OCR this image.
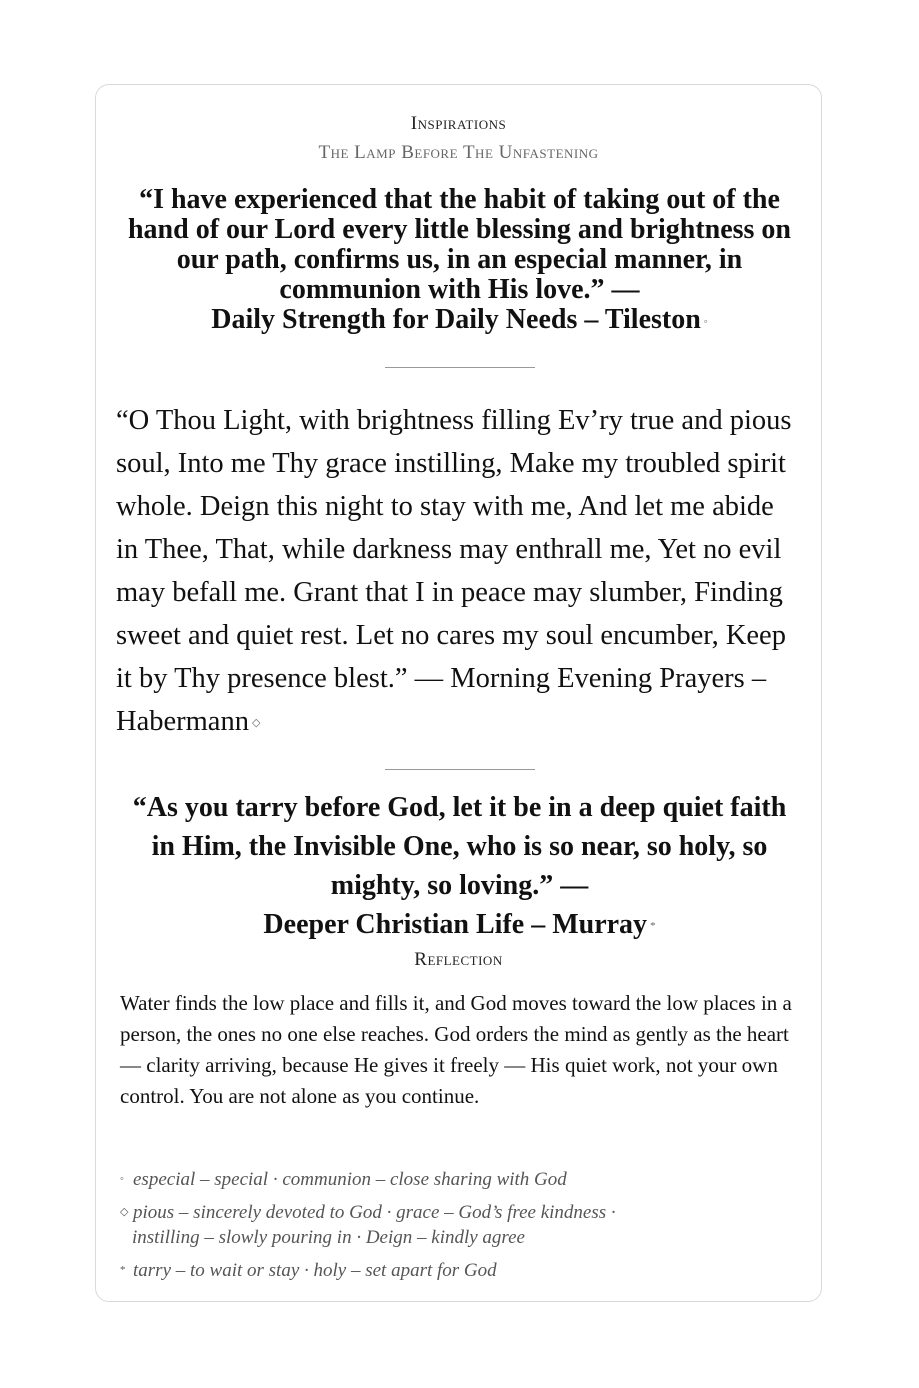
Inspirations

The Lamp Before The Unfastening

“I have experienced that the habit of taking out of the hand of our Lord every little blessing and brightness on our path, confirms us, in an especial manner, in communion with His love.” —
Daily Strength for Daily Needs – Tileston ◦

“O Thou Light, with brightness filling Ev’ry true and pious soul, Into me Thy grace instilling, Make my troubled spirit whole. Deign this night to stay with me, And let me abide in Thee, That, while darkness may enthrall me, Yet no evil may befall me. Grant that I in peace may slumber, Finding sweet and quiet rest. Let no cares my soul encumber, Keep it by Thy presence blest.” — Morning Evening Prayers – Habermann ◇

“As you tarry before God, let it be in a deep quiet faith in Him, the Invisible One, who is so near, so holy, so mighty, so loving.” —
Deeper Christian Life – Murray *

Reflection

Water finds the low place and fills it, and God moves toward the low places in a person, the ones no one else reaches. God orders the mind as gently as the heart — clarity arriving, because He gives it freely — His quiet work, not your own control. You are not alone as you continue.

◦ especial – special · communion – close sharing with God

◇ pious – sincerely devoted to God · grace – God’s free kindness ·
instilling – slowly pouring in · Deign – kindly agree

* tarry – to wait or stay · holy – set apart for God
